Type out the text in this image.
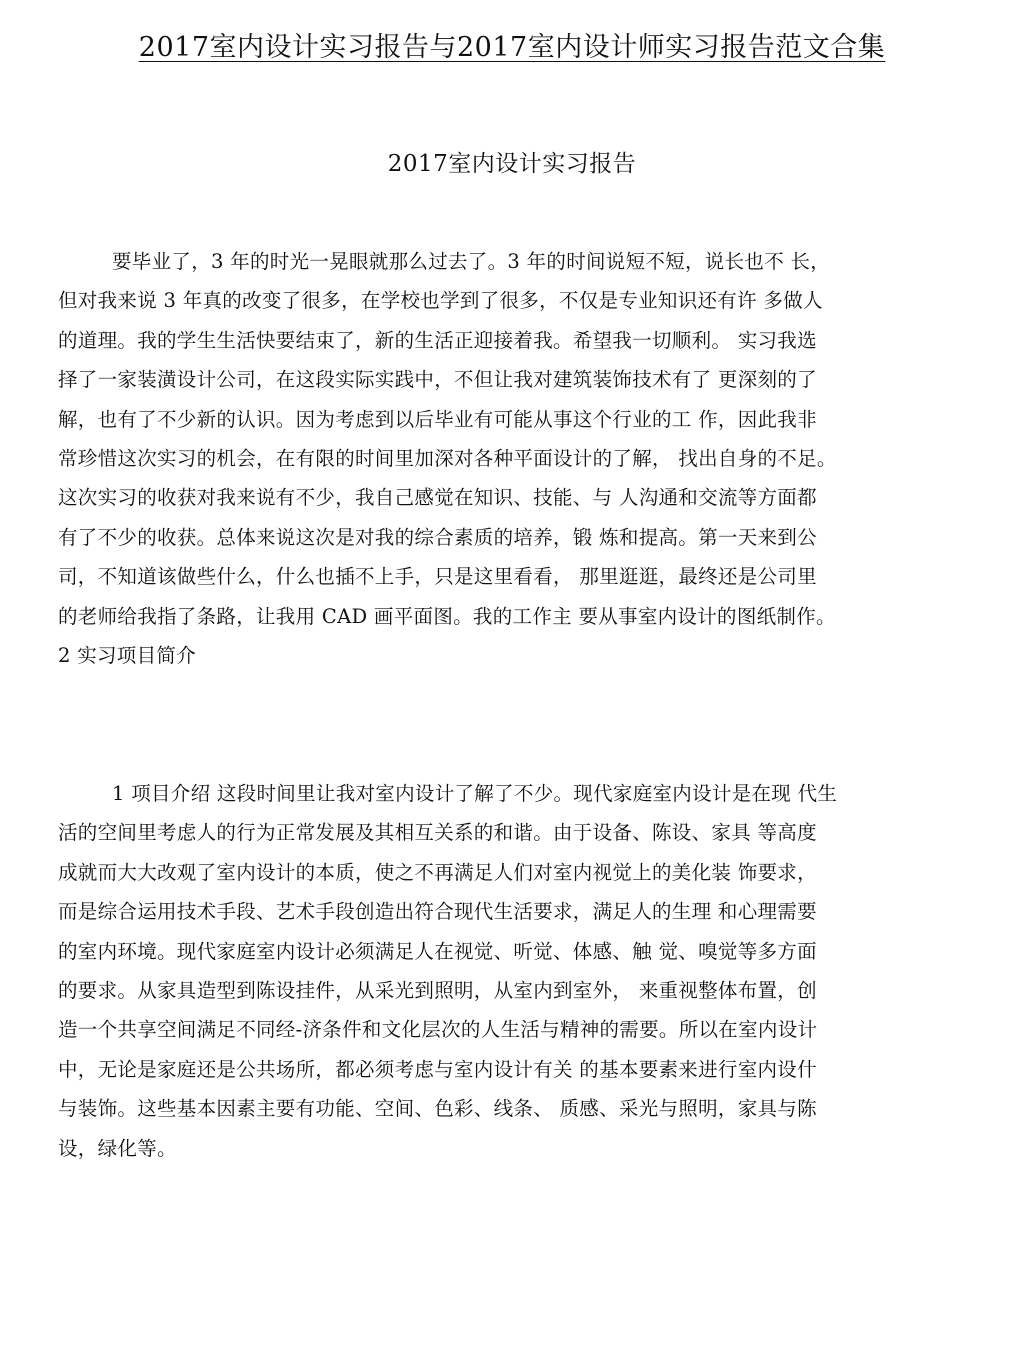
2017室内设计实习报告与2017室内设计师实习报告范文合集
2017室内设计实习报告
要毕业了，3 年的时光一晃眼就那么过去了。3 年的时间说短不短，说长也不 长，
但对我来说 3 年真的改变了很多，在学校也学到了很多，不仅是专业知识还有许 多做人
的道理。我的学生生活快要结束了，新的生活正迎接着我。希望我一切顺利。 实习我选
择了一家装潢设计公司，在这段实际实践中，不但让我对建筑装饰技术有了 更深刻的了
解，也有了不少新的认识。因为考虑到以后毕业有可能从事这个行业的工 作，因此我非
常珍惜这次实习的机会，在有限的时间里加深对各种平面设计的了解， 找出自身的不足。
这次实习的收获对我来说有不少，我自己感觉在知识、技能、与 人沟通和交流等方面都
有了不少的收获。总体来说这次是对我的综合素质的培养，锻 炼和提高。第一天来到公
司，不知道该做些什么，什么也插不上手，只是这里看看， 那里逛逛，最终还是公司里
的老师给我指了条路，让我用 CAD 画平面图。我的工作主 要从事室内设计的图纸制作。
2 实习项目简介
1 项目介绍 这段时间里让我对室内设计了解了不少。现代家庭室内设计是在现 代生
活的空间里考虑人的行为正常发展及其相互关系的和谐。由于设备、陈设、家具 等高度
成就而大大改观了室内设计的本质，使之不再满足人们对室内视觉上的美化装 饰要求，
而是综合运用技术手段、艺术手段创造出符合现代生活要求，满足人的生理 和心理需要
的室内环境。现代家庭室内设计必须满足人在视觉、听觉、体感、触 觉、嗅觉等多方面
的要求。从家具造型到陈设挂件，从采光到照明，从室内到室外， 来重视整体布置，创
造一个共享空间满足不同经-济条件和文化层次的人生活与精神的需要。所以在室内设计
中，无论是家庭还是公共场所，都必须考虑与室内设计有关 的基本要素来进行室内设什
与装饰。这些基本因素主要有功能、空间、色彩、线条、 质感、采光与照明，家具与陈
设，绿化等。
